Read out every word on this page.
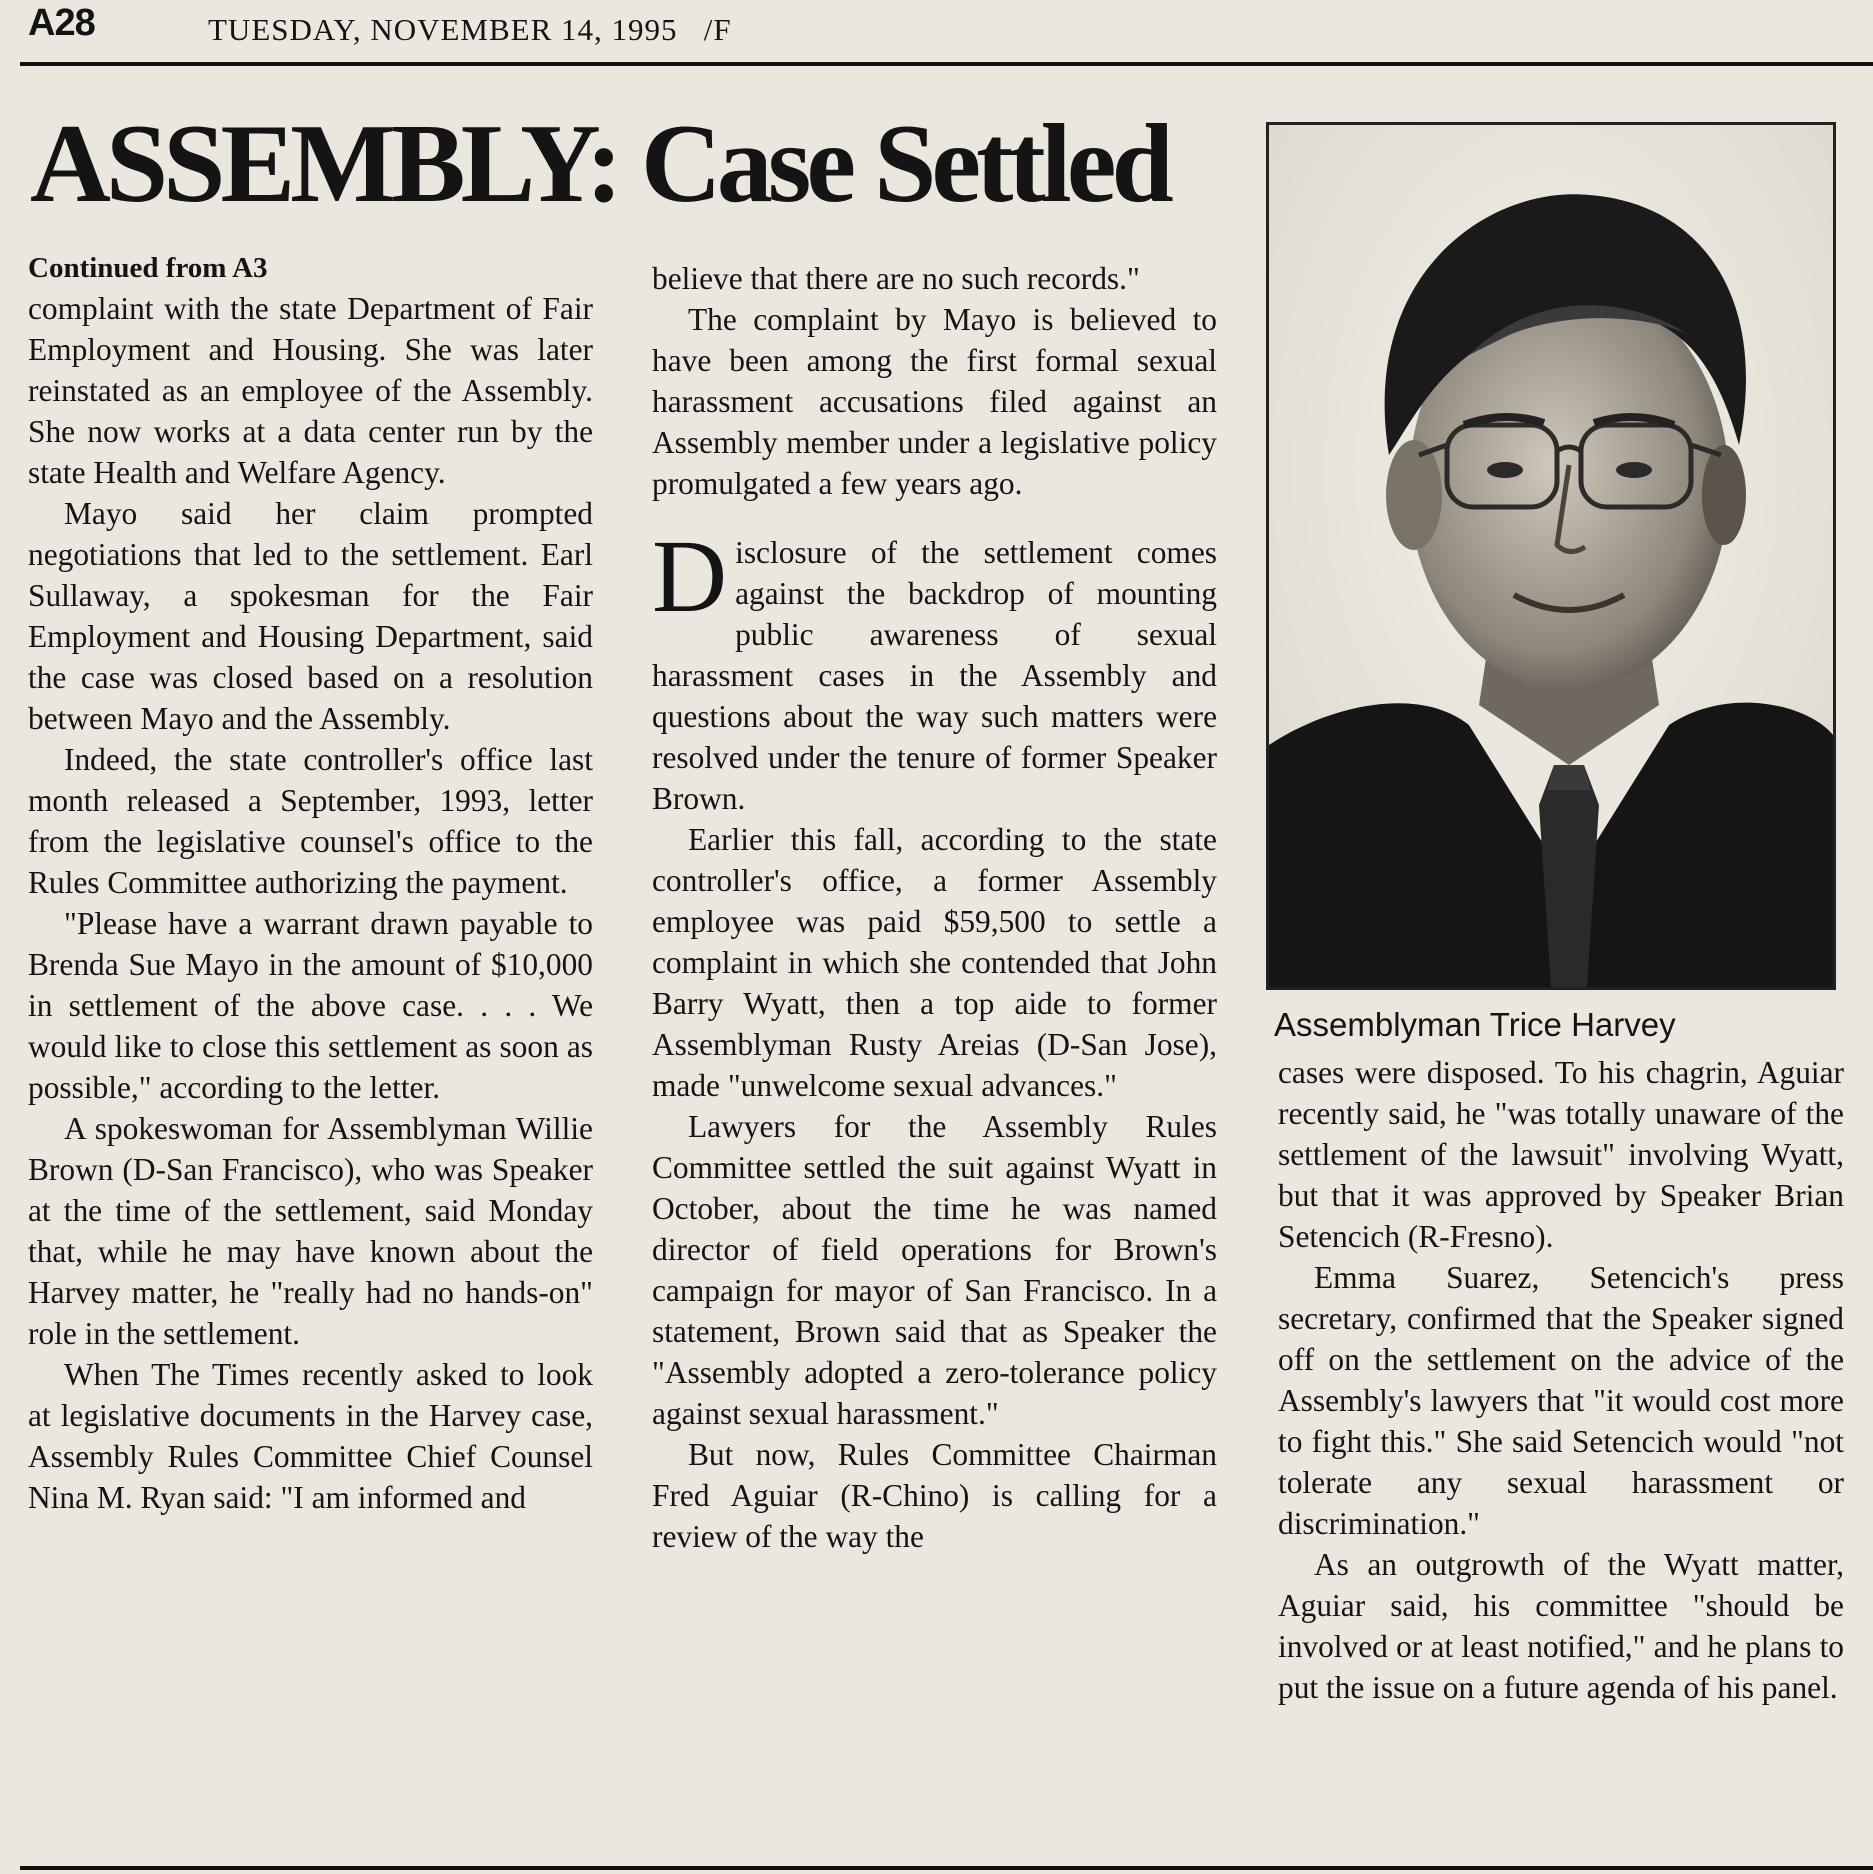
A28	TUESDAY, NOVEMBER 14, 1995 /F
ASSEMBLY: Case Settled

Continued from A3

complaint with the state Department of Fair Employment and Housing. She was later reinstated as an employee of the Assembly. She now works at a data center run by the state Health and Welfare Agency.

Mayo said her claim prompted negotiations that led to the settlement. Earl Sullaway, a spokesman for the Fair Employment and Housing Department, said the case was closed based on a resolution between Mayo and the Assembly.

Indeed, the state controller's office last month released a September, 1993, letter from the legislative counsel's office to the Rules Committee authorizing the payment.

"Please have a warrant drawn payable to Brenda Sue Mayo in the amount of $10,000 in settlement of the above case. . . . We would like to close this settlement as soon as possible," according to the letter.

A spokeswoman for Assemblyman Willie Brown (D-San Francisco), who was Speaker at the time of the settlement, said Monday that, while he may have known about the Harvey matter, he "really had no hands-on" role in the settlement.

When The Times recently asked to look at legislative documents in the Harvey case, Assembly Rules Committee Chief Counsel Nina M. Ryan said: "I am informed and

believe that there are no such records."

The complaint by Mayo is believed to have been among the first formal sexual harassment accusations filed against an Assembly member under a legislative policy promulgated a few years ago.

Disclosure of the settlement comes against the backdrop of mounting public awareness of sexual harassment cases in the Assembly and questions about the way such matters were resolved under the tenure of former Speaker Brown.

Earlier this fall, according to the state controller's office, a former Assembly employee was paid $59,500 to settle a complaint in which she contended that John Barry Wyatt, then a top aide to former Assemblyman Rusty Areias (D-San Jose), made "unwelcome sexual advances."

Lawyers for the Assembly Rules Committee settled the suit against Wyatt in October, about the time he was named director of field operations for Brown's campaign for mayor of San Francisco. In a statement, Brown said that as Speaker the "Assembly adopted a zero-tolerance policy against sexual harassment."

But now, Rules Committee Chairman Fred Aguiar (R-Chino) is calling for a review of the way the

Assemblyman Trice Harvey

cases were disposed. To his chagrin, Aguiar recently said, he "was totally unaware of the settlement of the lawsuit" involving Wyatt, but that it was approved by Speaker Brian Setencich (R-Fresno).

Emma Suarez, Setencich's press secretary, confirmed that the Speaker signed off on the settlement on the advice of the Assembly's lawyers that "it would cost more to fight this." She said Setencich would "not tolerate any sexual harassment or discrimination."

As an outgrowth of the Wyatt matter, Aguiar said, his committee "should be involved or at least notified," and he plans to put the issue on a future agenda of his panel.
